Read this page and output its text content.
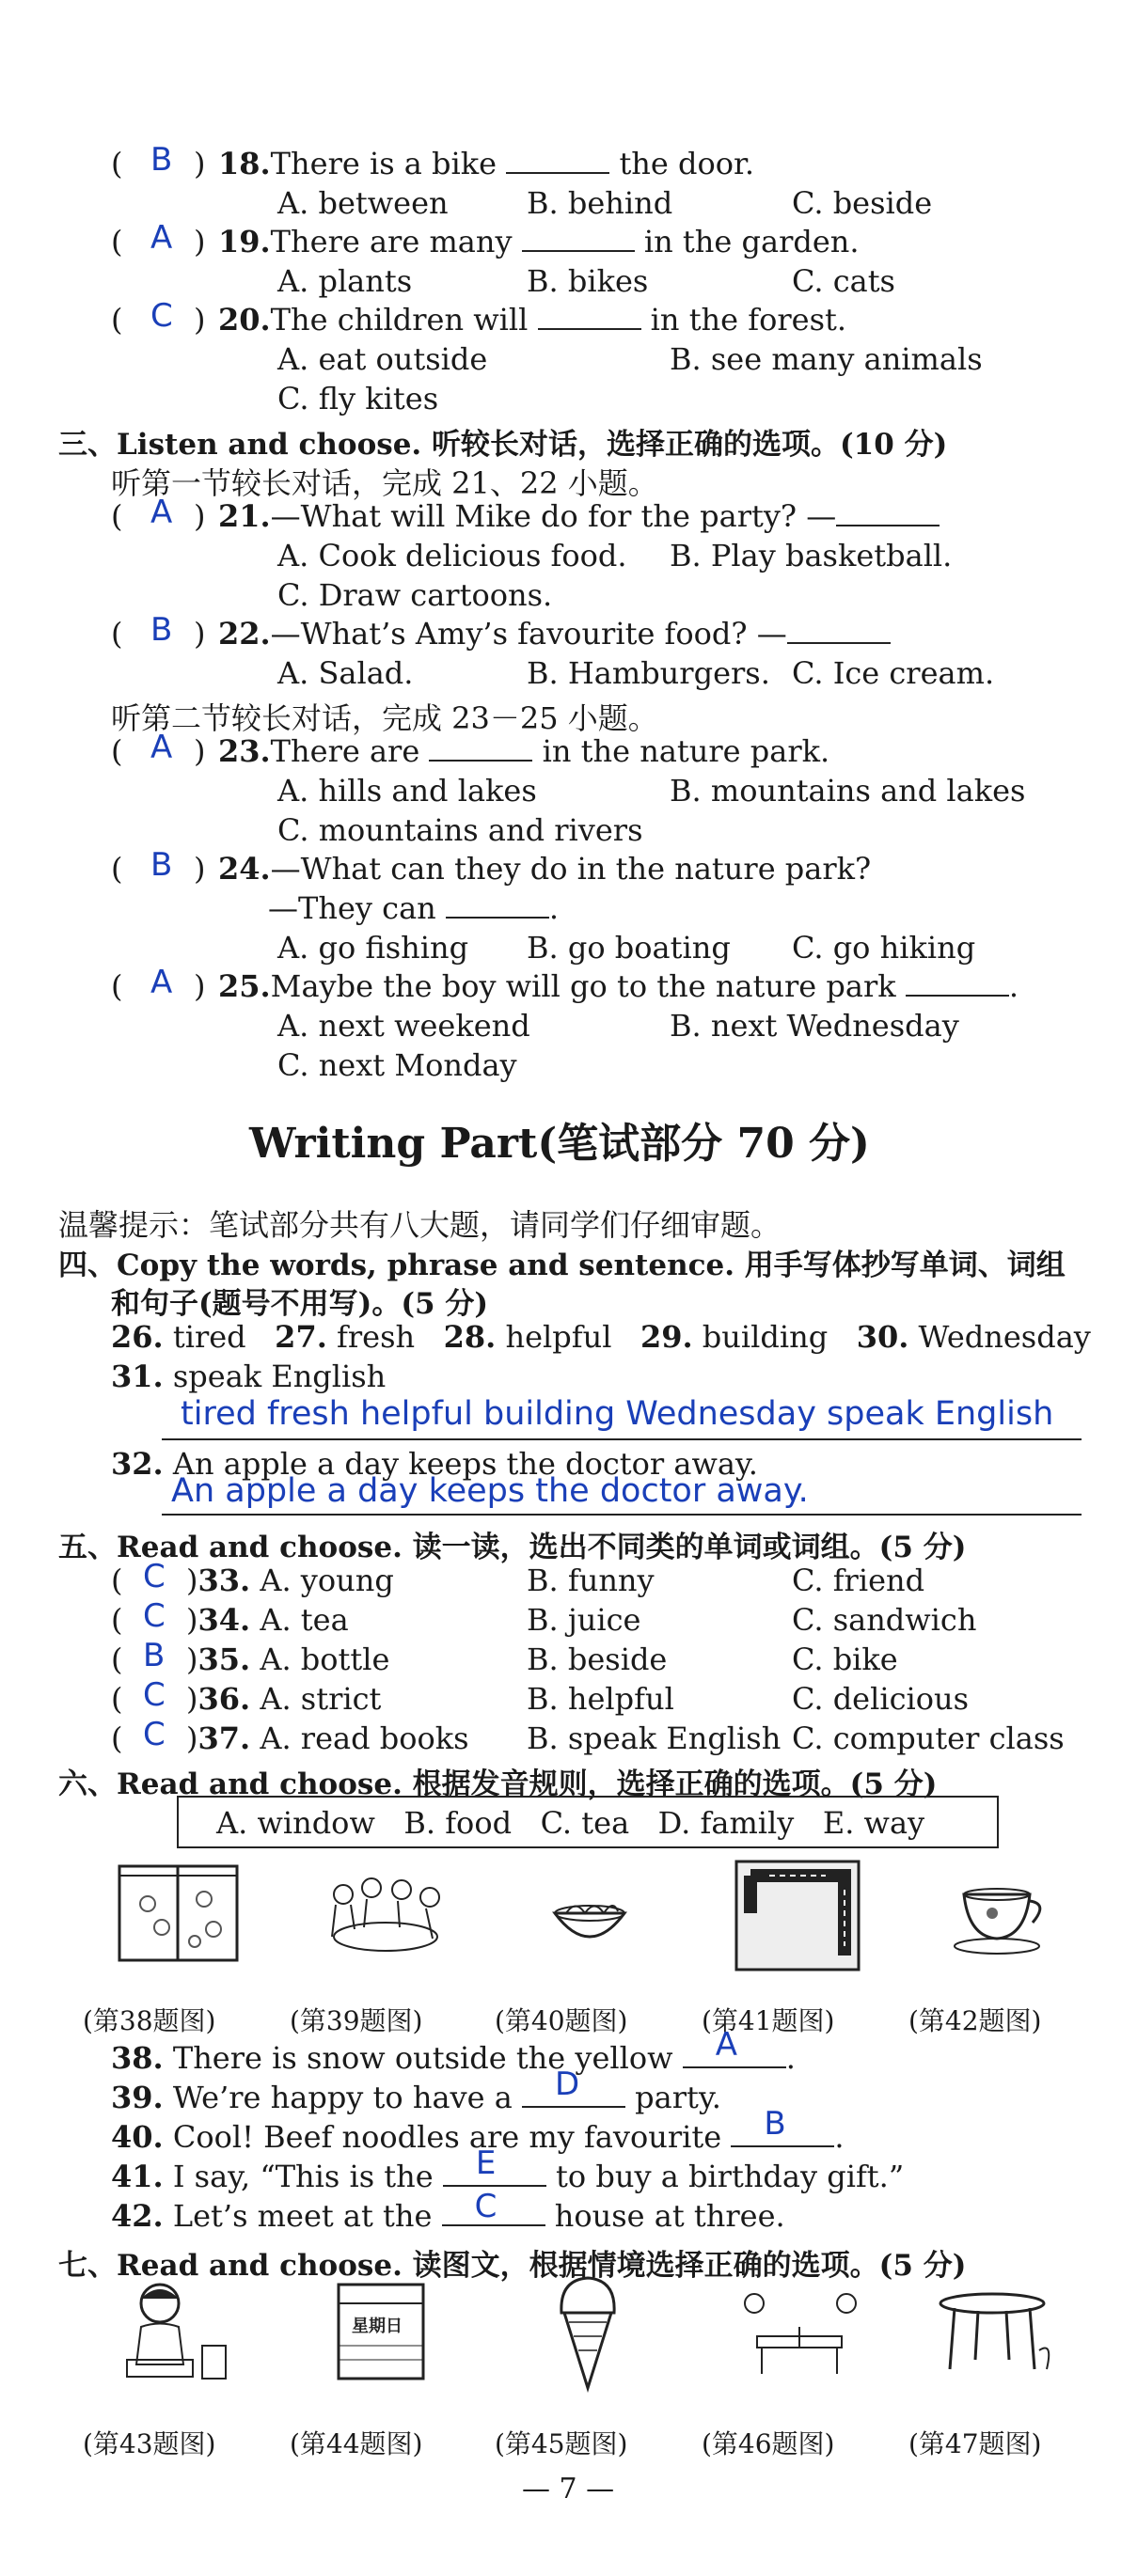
( B ) 18.There is a bike	the door.
A. between	B. behind	C. beside
( A ) 19.There are many	in the garden.
A. plants	B. bikes	C. cats
( C ) 20.The children will	in the forest.
A. eat outside	B. see many animals
C. fly kites
三、Listen and choose. 听较长对话，选择正确的选项。(10 分)
听第一节较长对话，完成 21、22 小题。
( A ) 21.—What will Mike do for the party? —
A. Cook delicious food. B. Play basketball.
C. Draw cartoons.
( B ) 22.—What’s Amy’s favourite food? —
A. Salad.	B. Hamburgers. C. Ice cream.
听第二节较长对话，完成 23－25 小题。
( A ) 23.There are	in the nature park.
A. hills and lakes	B. mountains and lakes
C. mountains and rivers
( B ) 24.—What can they do in the nature park?
—They can	.
A. go fishing B. go boating C. go hiking
( A ) 25.Maybe the boy will go to the nature park	.
A. next weekend	B. next Wednesday
C. next Monday
Writing Part(笔试部分 70 分)
温馨提示：笔试部分共有八大题，请同学们仔细审题。
四、Copy the words, phrase and sentence. 用手写体抄写单词、词组
和句子(题号不用写)。(5 分)
26. tired 27. fresh 28. helpful 29. building 30. Wednesday
31. speak English
tired fresh helpful building Wednesday speak English
32. An apple a day keeps the doctor away.
An apple a day keeps the doctor away.
五、Read and choose. 读一读，选出不同类的单词或词组。(5 分)
( C )33. A. young	B. funny	C. friend
( C )34. A. tea	B. juice	C. sandwich
( B )35. A. bottle	B. beside	C. bike
( C )36. A. strict	B. helpful	C. delicious
( C )37. A. read books B. speak English C. computer class
六、Read and choose. 根据发音规则，选择正确的选项。(5 分)
A. window   B. food   C. tea   D. family   E. way
(第38题图)	(第39题图)	(第40题图)	(第41题图)	(第42题图)
38. There is snow outside the yellow A .
39. We’re happy to have a D party.
40. Cool! Beef noodles are my favourite B .
41. I say, “This is the E to buy a birthday gift.”
42. Let’s meet at the C house at three.
七、Read and choose. 读图文，根据情境选择正确的选项。(5 分)
星期日
(第43题图)	(第44题图)	(第45题图)	(第46题图)	(第47题图)
— 7 —
